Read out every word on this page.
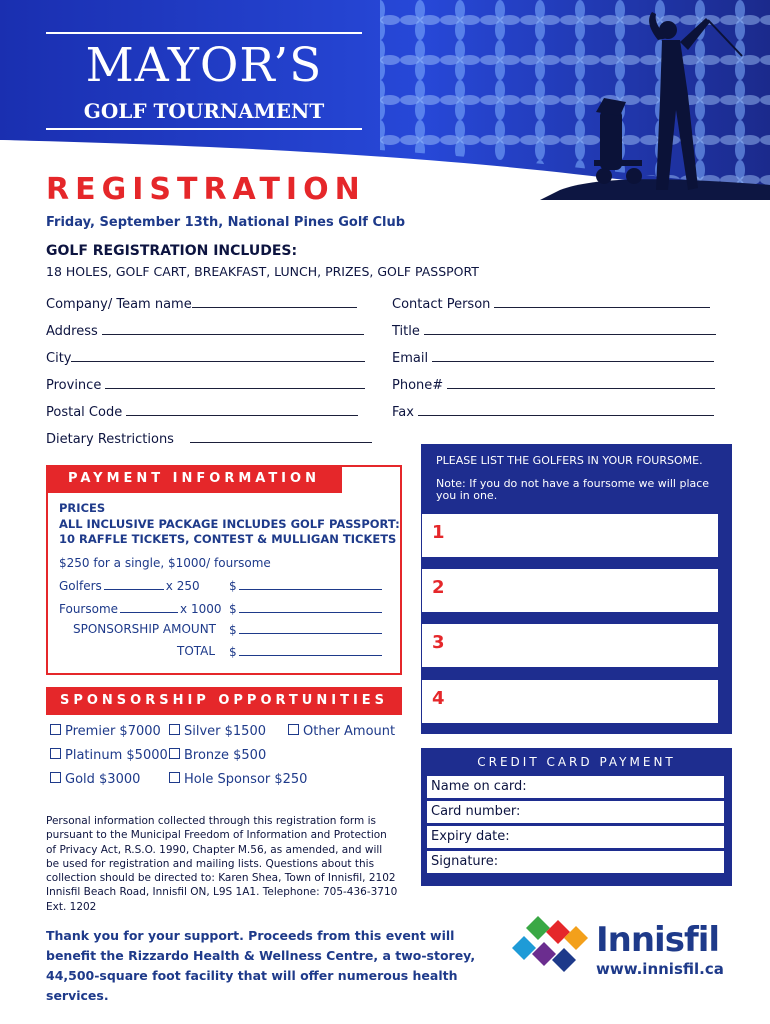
MAYOR’S
GOLF TOURNAMENT
REGISTRATION
Friday, September 13th, National Pines Golf Club
GOLF REGISTRATION INCLUDES:
18 HOLES, GOLF CART, BREAKFAST, LUNCH, PRIZES, GOLF PASSPORT
Company/ Team name
Address
City
Province
Postal Code
Dietary Restrictions
Contact Person
Title
Email
Phone#
Fax
PAYMENT INFORMATION
PRICES
ALL INCLUSIVE PACKAGE INCLUDES GOLF PASSPORT:
10 RAFFLE TICKETS, CONTEST & MULLIGAN TICKETS
$250 for a single, $1000/ foursome
Golfers	x 250 $
Foursome	x 1000 $
SPONSORSHIP AMOUNT $
TOTAL $
SPONSORSHIP OPPORTUNITIES
Premier $7000	Silver $1500	Other Amount
Platinum $5000	Bronze $500
Gold $3000	Hole Sponsor $250
Personal information collected through this registration form is pursuant to the Municipal Freedom of Information and Protection of Privacy Act, R.S.O. 1990, Chapter M.56, as amended, and will be used for registration and mailing lists. Questions about this collection should be directed to: Karen Shea, Town of Innisfil, 2102 Innisfil Beach Road, Innisfil ON, L9S 1A1. Telephone: 705-436-3710 Ext. 1202
Thank you for your support. Proceeds from this event will benefit the Rizzardo Health & Wellness Centre, a two-storey, 44,500-square foot facility that will offer numerous health services.
PLEASE LIST THE GOLFERS IN YOUR FOURSOME.
Note: If you do not have a foursome we will place you in one.
1
2
3
4
CREDIT CARD PAYMENT
Name on card:
Card number:
Expiry date:
Signature:
Innisfil
www.innisfil.ca
